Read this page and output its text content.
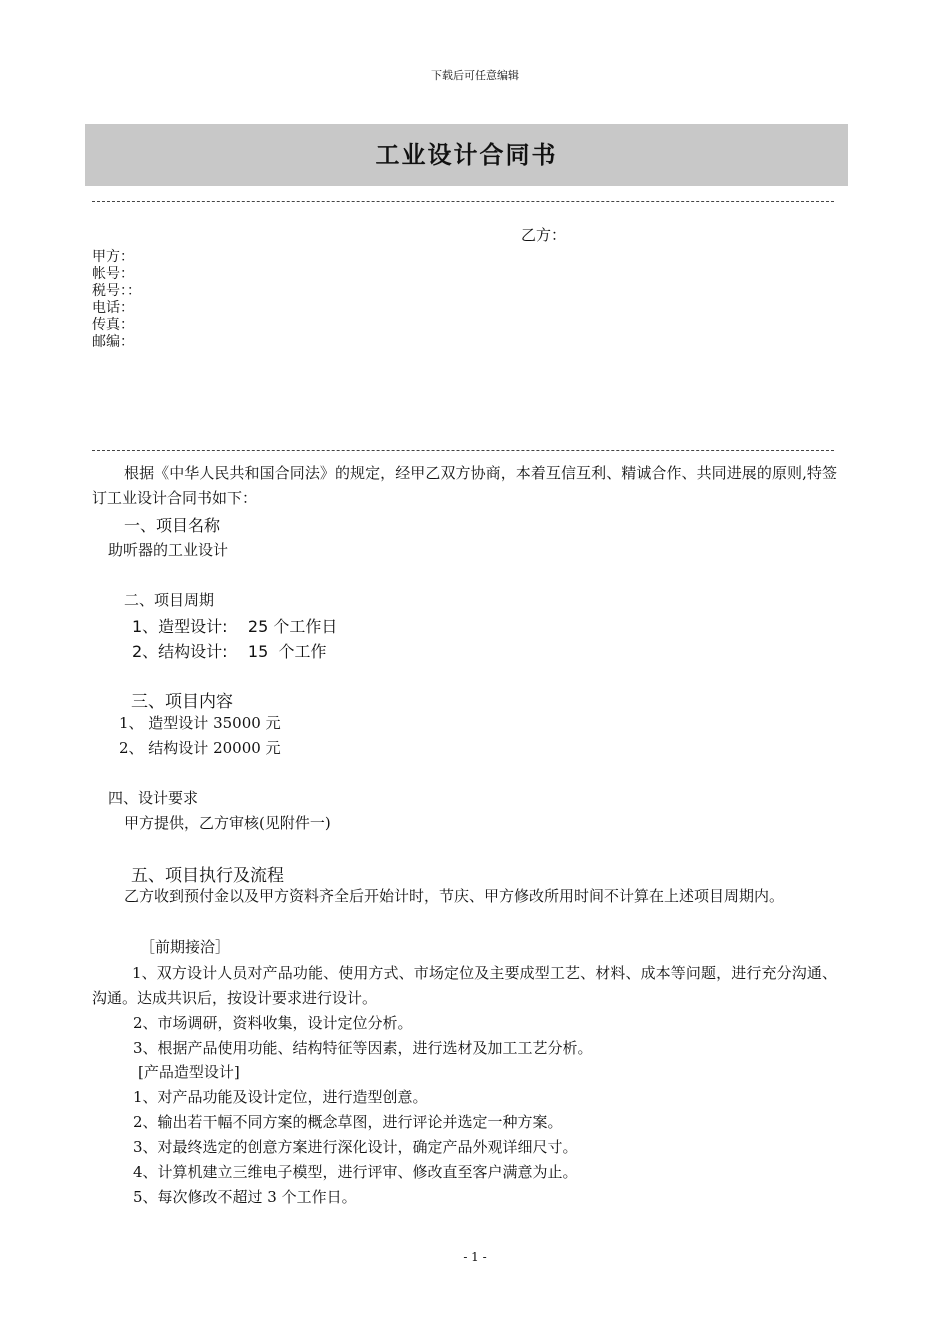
下载后可任意编辑
工业设计合同书
乙方：
甲方：
帐号：
税号：：
电话：
传真：
邮编：
根据《中华人民共和国合同法》的规定，经甲乙双方协商，本着互信互利、精诚合作、共同进展的原则,特签订工业设计合同书如下：
一、项目名称
助听器的工业设计
二、项目周期
1、造型设计:    25 个工作日
2、结构设计:    15  个工作
三、项目内容
1、 造型设计 35000 元
2、 结构设计 20000 元
四、设计要求
甲方提供，乙方审核(见附件一)
五、项目执行及流程
乙方收到预付金以及甲方资料齐全后开始计时，节庆、甲方修改所用时间不计算在上述项目周期内。
［前期接洽］
1、双方设计人员对产品功能、使用方式、市场定位及主要成型工艺、材料、成本等问题，进行充分沟通、沟通。达成共识后，按设计要求进行设计。
2、市场调研，资料收集，设计定位分析。
3、根据产品使用功能、结构特征等因素，进行选材及加工工艺分析。
[产品造型设计]
1、对产品功能及设计定位，进行造型创意。
2、输出若干幅不同方案的概念草图，进行评论并选定一种方案。
3、对最终选定的创意方案进行深化设计，确定产品外观详细尺寸。
4、计算机建立三维电子模型，进行评审、修改直至客户满意为止。
5、每次修改不超过 3 个工作日。
- 1 -
